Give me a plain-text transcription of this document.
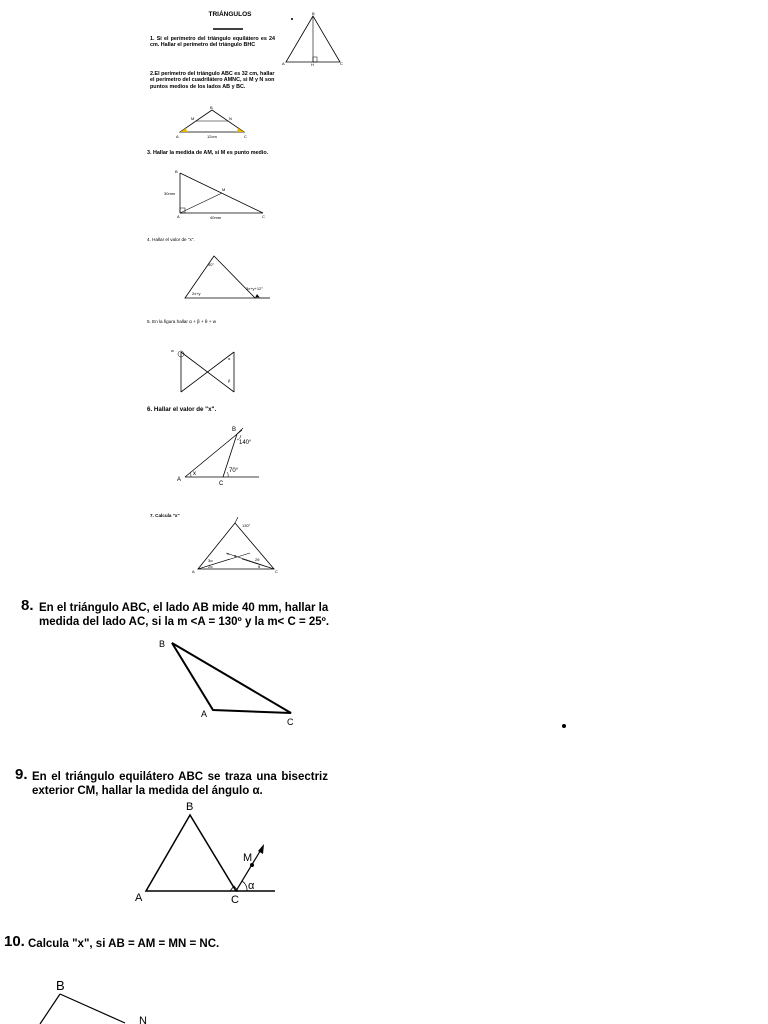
TRIÁNGULOS

1. Si el perímetro del triángulo equilátero es 24 cm. Hallar el perímetro del triángulo BHC

B
A	H	C

2.El perímetro del triángulo ABC es 32 cm, hallar el perímetro del cuadrilátero AMNC, si M y N son puntos medios de los lados AB y BC.

B
M	N
A	C
12cm

3. Hallar la medida de AM, si M es punto medio.

B
30mm
M
A	40mm	C

4. Hallar el valor de "x".

40°
2x+y
3x+y+12°

5. En la figura hallar α + β + θ + w

w
α
β

6. Hallar el valor de "x".

B
140°
70°
x
A
C

7. Calcula "x"

x
130°
3α
2α
2θ
θ
α
A	C
8. En el triángulo ABC, el lado AB mide 40 mm, hallar la medida del lado AC, si la m <A = 130º y la m< C = 25º.

B
A
C
9. En el triángulo equilátero ABC se traza una bisectriz exterior CM, hallar la medida del ángulo α.

B
M
α
A	C
10. Calcula "x", si AB = AM = MN = NC.

B
N
